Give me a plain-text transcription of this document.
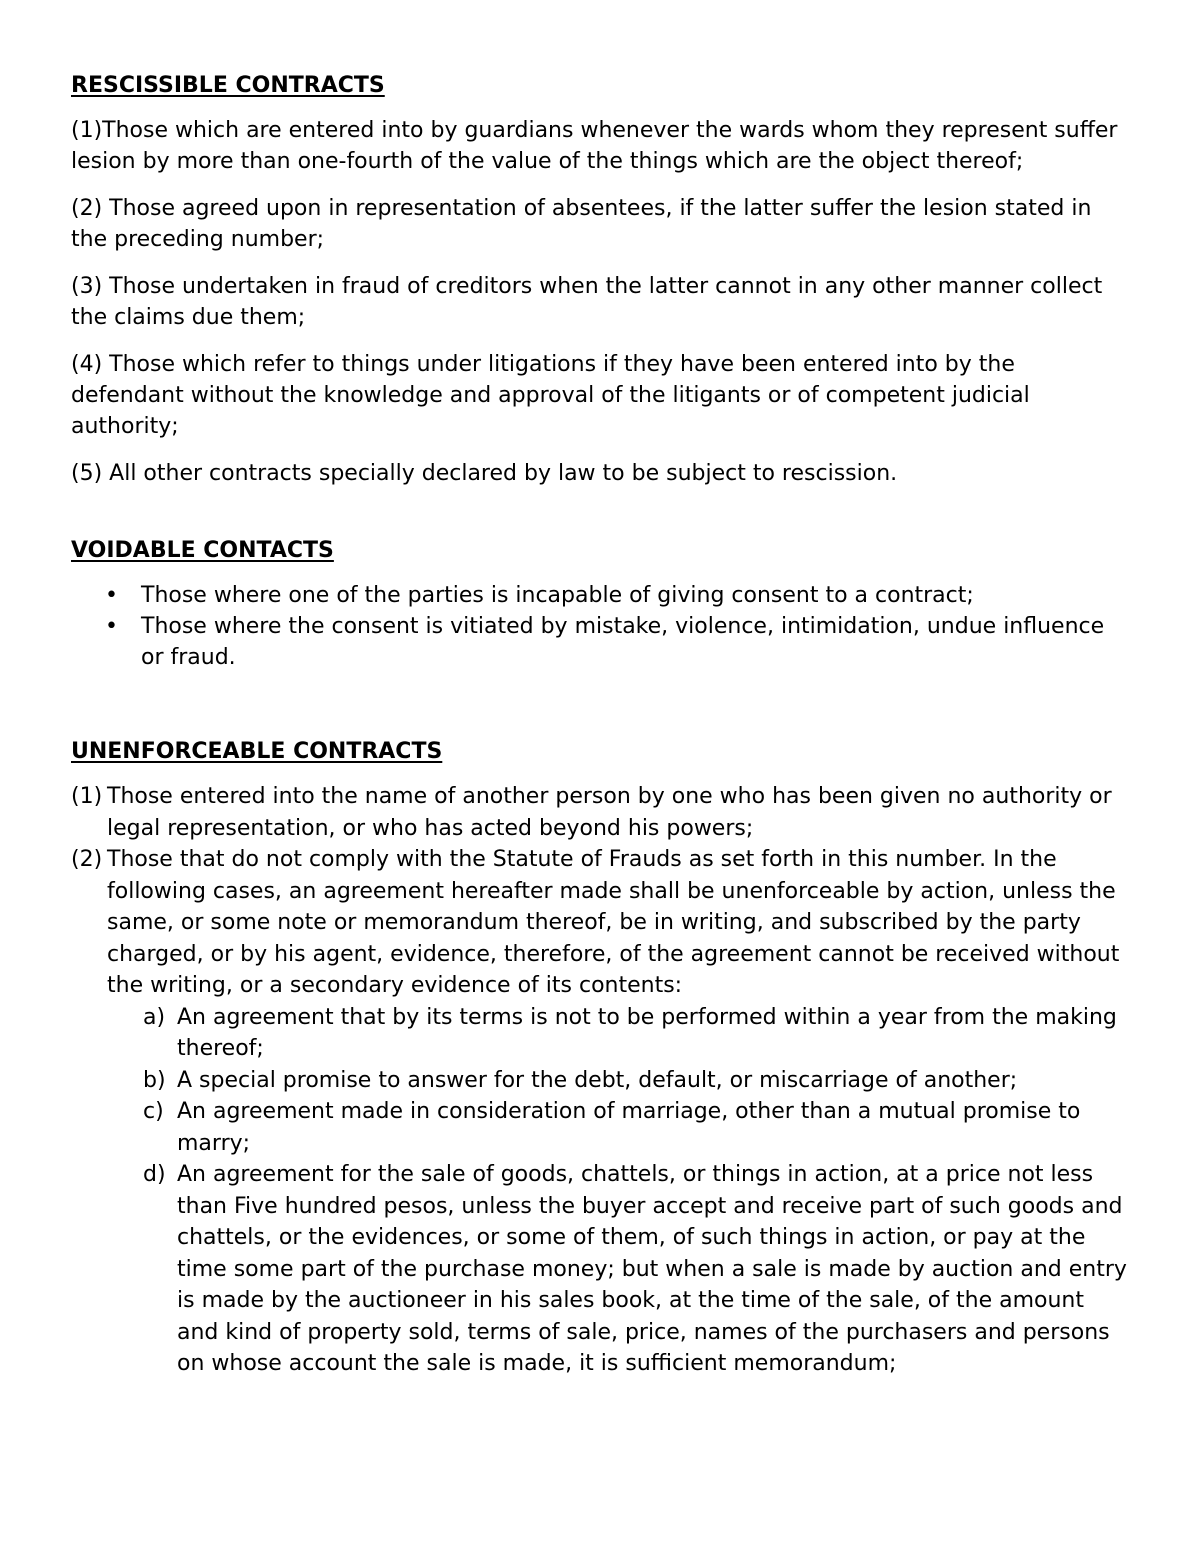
RESCISSIBLE CONTRACTS
(1)Those which are entered into by guardians whenever the wards whom they represent suffer lesion by more than one-fourth of the value of the things which are the object thereof;
(2) Those agreed upon in representation of absentees, if the latter suffer the lesion stated in the preceding number;
(3) Those undertaken in fraud of creditors when the latter cannot in any other manner collect the claims due them;
(4) Those which refer to things under litigations if they have been entered into by the defendant without the knowledge and approval of the litigants or of competent judicial authority;
(5) All other contracts specially declared by law to be subject to rescission.
VOIDABLE CONTACTS
• Those where one of the parties is incapable of giving consent to a contract;
• Those where the consent is vitiated by mistake, violence, intimidation, undue influence or fraud.
UNENFORCEABLE CONTRACTS
(1) Those entered into the name of another person by one who has been given no authority or legal representation, or who has acted beyond his powers;
(2) Those that do not comply with the Statute of Frauds as set forth in this number. In the following cases, an agreement hereafter made shall be unenforceable by action, unless the same, or some note or memorandum thereof, be in writing, and subscribed by the party charged, or by his agent, evidence, therefore, of the agreement cannot be received without the writing, or a secondary evidence of its contents:
a) An agreement that by its terms is not to be performed within a year from the making thereof;
b) A special promise to answer for the debt, default, or miscarriage of another;
c) An agreement made in consideration of marriage, other than a mutual promise to marry;
d) An agreement for the sale of goods, chattels, or things in action, at a price not less than Five hundred pesos, unless the buyer accept and receive part of such goods and chattels, or the evidences, or some of them, of such things in action, or pay at the time some part of the purchase money; but when a sale is made by auction and entry is made by the auctioneer in his sales book, at the time of the sale, of the amount and kind of property sold, terms of sale, price, names of the purchasers and persons on whose account the sale is made, it is sufficient memorandum;
